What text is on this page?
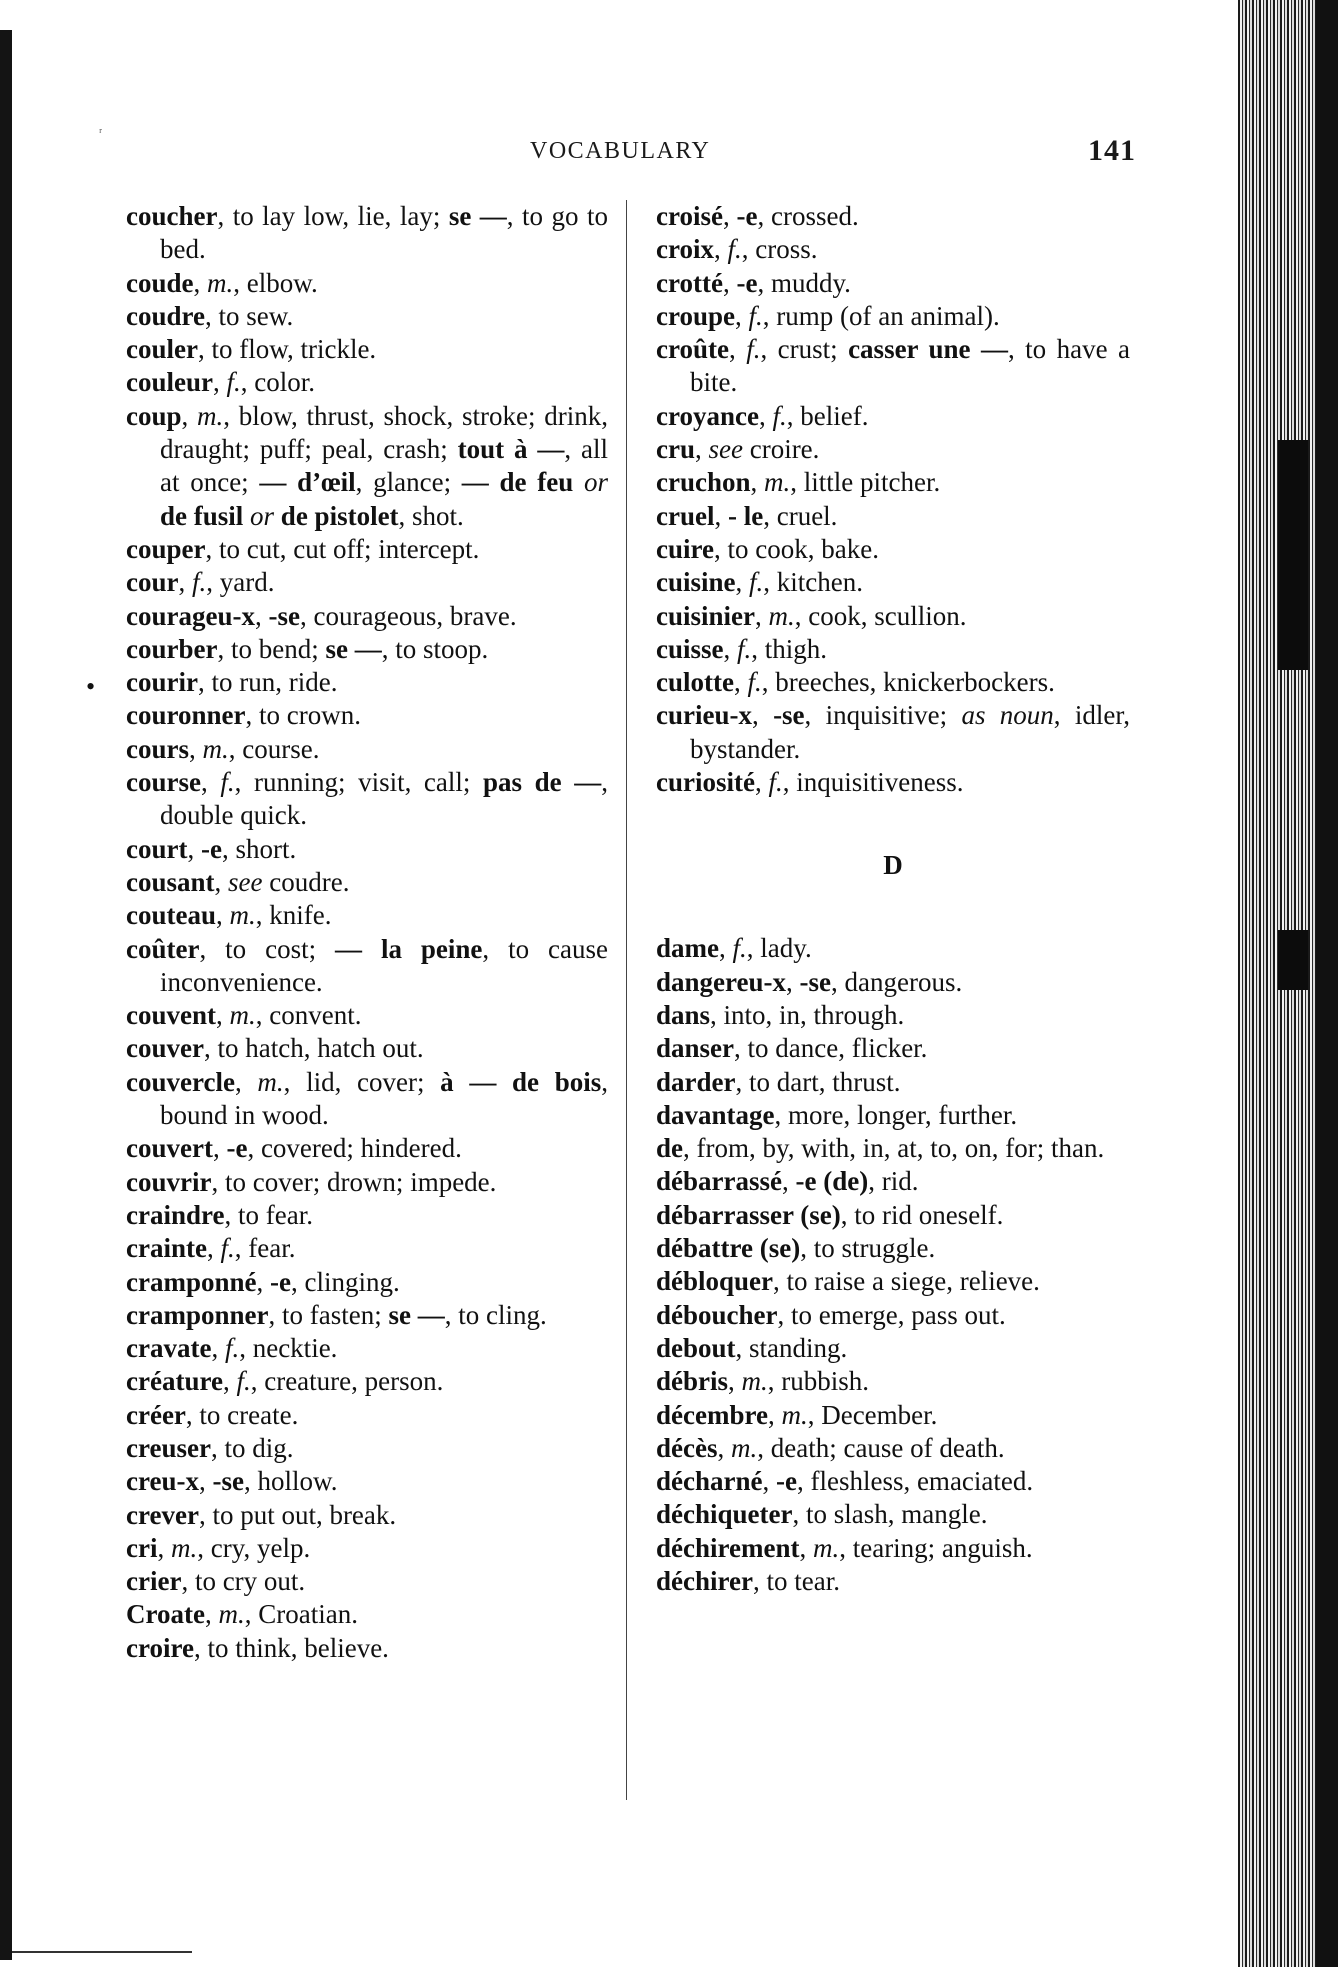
ʳ
•
VOCABULARY	141

coucher, to lay low, lie, lay; se —, to go to bed.

coude, m., elbow.

coudre, to sew.

couler, to flow, trickle.

couleur, f., color.

coup, m., blow, thrust, shock, stroke; drink, draught; puff; peal, crash; tout à —, all at once; — d’œil, glance; — de feu or de fusil or de pistolet, shot.

couper, to cut, cut off; intercept.

cour, f., yard.

courageu-x, -se, courageous, brave.

courber, to bend; se —, to stoop.

courir, to run, ride.

couronner, to crown.

cours, m., course.

course, f., running; visit, call; pas de —, double quick.

court, -e, short.

cousant, see coudre.

couteau, m., knife.

coûter, to cost; — la peine, to cause inconvenience.

couvent, m., convent.

couver, to hatch, hatch out.

couvercle, m., lid, cover; à — de bois, bound in wood.

couvert, -e, covered; hindered.

couvrir, to cover; drown; impede.

craindre, to fear.

crainte, f., fear.

cramponné, -e, clinging.

cramponner, to fasten; se —, to cling.

cravate, f., necktie.

créature, f., creature, person.

créer, to create.

creuser, to dig.

creu-x, -se, hollow.

crever, to put out, break.

cri, m., cry, yelp.

crier, to cry out.

Croate, m., Croatian.

croire, to think, believe.

croisé, -e, crossed.

croix, f., cross.

crotté, -e, muddy.

croupe, f., rump (of an animal).

croûte, f., crust; casser une —, to have a bite.

croyance, f., belief.

cru, see croire.

cruchon, m., little pitcher.

cruel, - le, cruel.

cuire, to cook, bake.

cuisine, f., kitchen.

cuisinier, m., cook, scullion.

cuisse, f., thigh.

culotte, f., breeches, knickerbockers.

curieu-x, -se, inquisitive; as noun, idler, bystander.

curiosité, f., inquisitiveness.

D

dame, f., lady.

dangereu-x, -se, dangerous.

dans, into, in, through.

danser, to dance, flicker.

darder, to dart, thrust.

davantage, more, longer, further.

de, from, by, with, in, at, to, on, for; than.

débarrassé, -e (de), rid.

débarrasser (se), to rid oneself.

débattre (se), to struggle.

débloquer, to raise a siege, relieve.

déboucher, to emerge, pass out.

debout, standing.

débris, m., rubbish.

décembre, m., December.

décès, m., death; cause of death.

décharné, -e, fleshless, emaciated.

déchiqueter, to slash, mangle.

déchirement, m., tearing; anguish.

déchirer, to tear.
